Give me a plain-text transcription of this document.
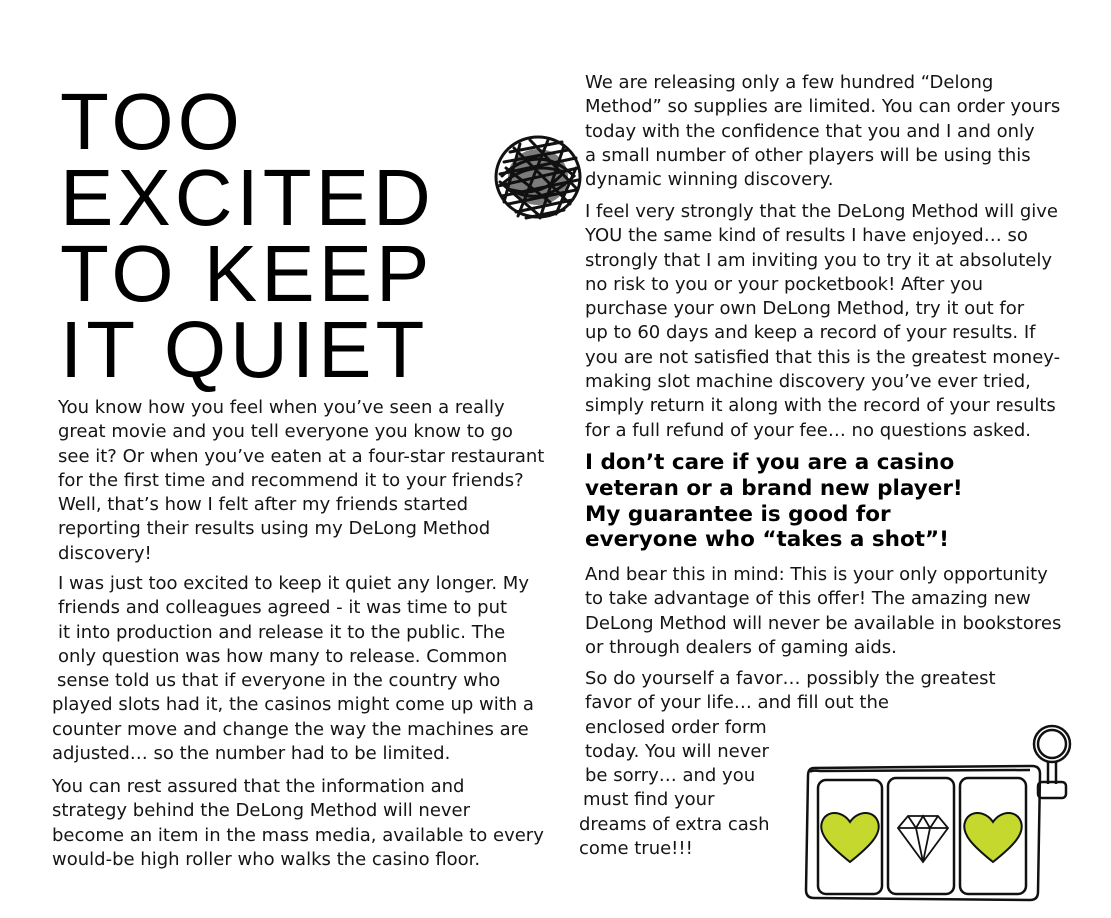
TOO
EXCITED
TO KEEP
IT QUIET
You know how you feel when you’ve seen a really
great movie and you tell everyone you know to go
see it? Or when you’ve eaten at a four-star restaurant
for the first time and recommend it to your friends?
Well, that’s how I felt after my friends started
reporting their results using my DeLong Method
discovery!
I was just too excited to keep it quiet any longer. My
friends and colleagues agreed - it was time to put
it into production and release it to the public. The
only question was how many to release. Common
sense told us that if everyone in the country who
played slots had it, the casinos might come up with a
counter move and change the way the machines are
adjusted… so the number had to be limited.
You can rest assured that the information and
strategy behind the DeLong Method will never
become an item in the mass media, available to every
would-be high roller who walks the casino floor.
We are releasing only a few hundred “Delong
Method” so supplies are limited. You can order yours
today with the confidence that you and I and only
a small number of other players will be using this
dynamic winning discovery.
I feel very strongly that the DeLong Method will give
YOU the same kind of results I have enjoyed… so
strongly that I am inviting you to try it at absolutely
no risk to you or your pocketbook! After you
purchase your own DeLong Method, try it out for
up to 60 days and keep a record of your results. If
you are not satisfied that this is the greatest money-
making slot machine discovery you’ve ever tried,
simply return it along with the record of your results
for a full refund of your fee… no questions asked.
I don’t care if you are a casino
veteran or a brand new player!
My guarantee is good for
everyone who “takes a shot”!
And bear this in mind: This is your only opportunity
to take advantage of this offer! The amazing new
DeLong Method will never be available in bookstores
or through dealers of gaming aids.
So do yourself a favor… possibly the greatest
favor of your life… and fill out the
enclosed order form
today. You will never
be sorry… and you
must find your
dreams of extra cash
come true!!!
